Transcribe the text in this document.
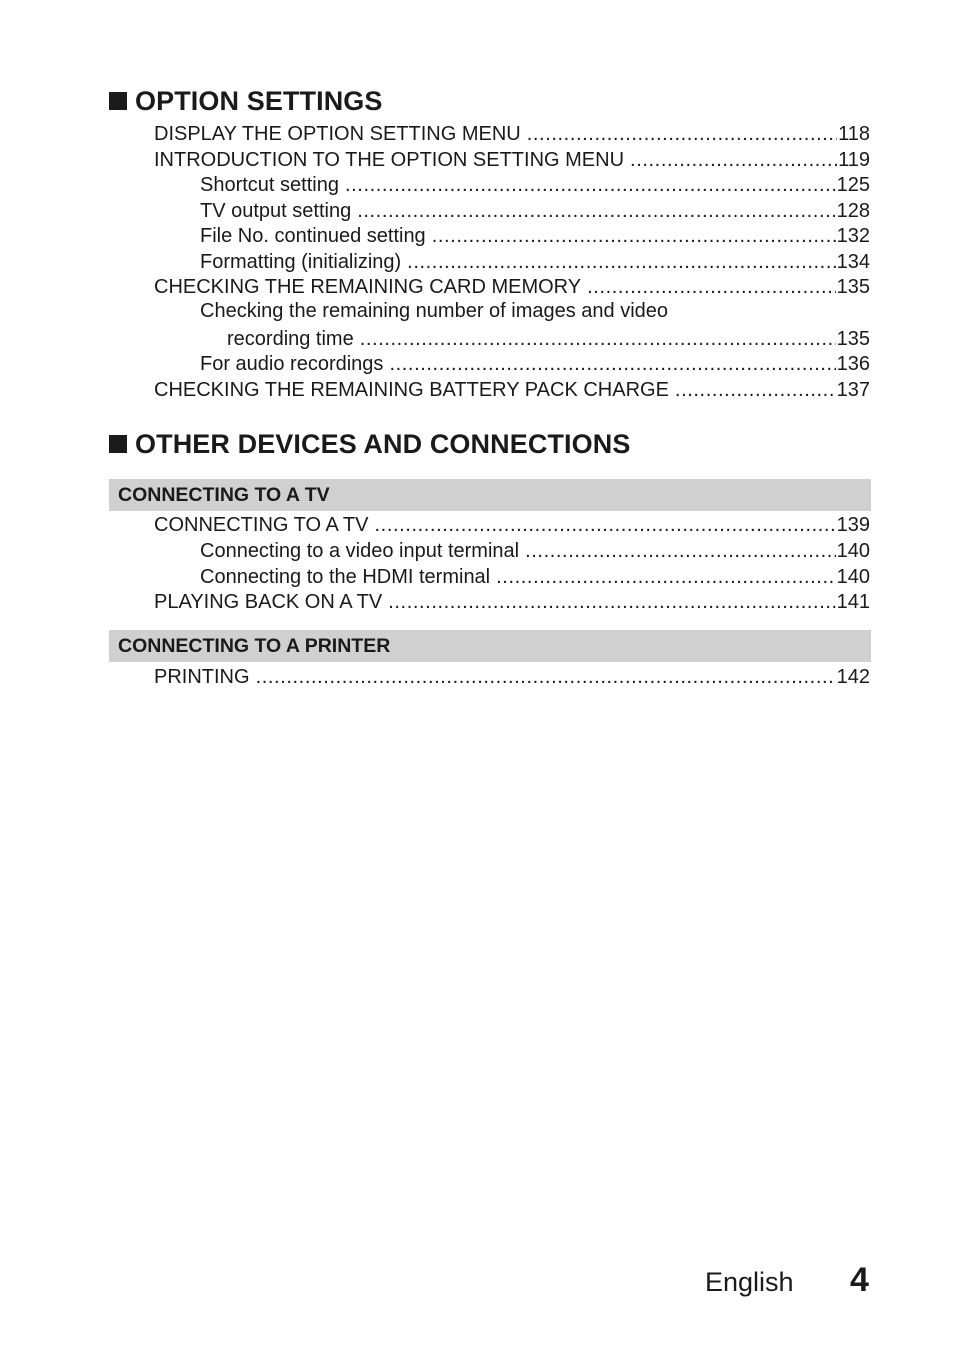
OPTION SETTINGS
DISPLAY THE OPTION SETTING MENU .....	118
INTRODUCTION TO THE OPTION SETTING MENU .....	119
Shortcut setting .....	125
TV output setting .....	128
File No. continued setting .....	132
Formatting (initializing) .....	134
CHECKING THE REMAINING CARD MEMORY .....	135
Checking the remaining number of images and video
recording time .....	135
For audio recordings .....	136
CHECKING THE REMAINING BATTERY PACK CHARGE .....	137
OTHER DEVICES AND CONNECTIONS
CONNECTING TO A TV
CONNECTING TO A TV .....	139
Connecting to a video input terminal .....	140
Connecting to the HDMI terminal .....	140
PLAYING BACK ON A TV .....	141
CONNECTING TO A PRINTER
PRINTING .....	142
English 4
